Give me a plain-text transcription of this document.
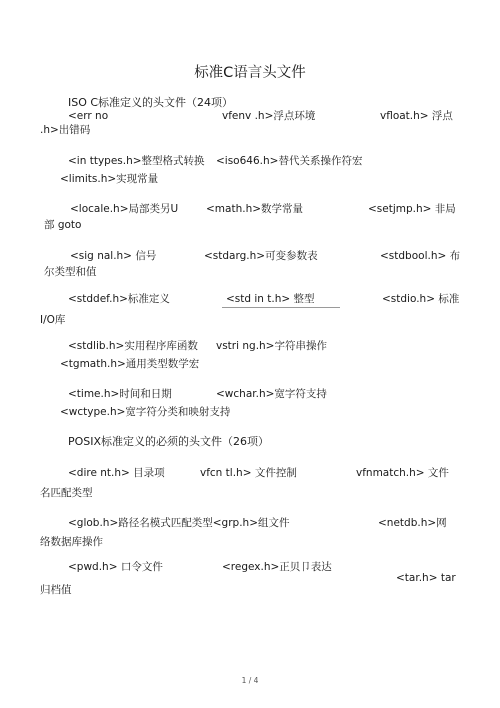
标准C语言头文件
ISO C标准定义的头文件（24项）
<err no	vfenv .h>浮点环境	vfloat.h> 浮点
.h>出错码
<in ttypes.h>整型格式转换 <iso646.h>替代关系操作符宏
<limits.h>实现常量
<locale.h>局部类另U	<math.h>数学常量	<setjmp.h> 非局
部 goto
<sig nal.h> 信号	<stdarg.h>可变参数表	<stdbool.h> 布
尔类型和值
<stddef.h>标准定义	<std in t.h> 整型	<stdio.h> 标准
I/O库
<stdlib.h>实用程序库函数 vstri ng.h>字符串操作
<tgmath.h>通用类型数学宏
<time.h>时间和日期	<wchar.h>宽字符支持
<wctype.h>宽字符分类和映射支持
POSIX标准定义的必须的头文件（26项）
<dire nt.h> 目录项	vfcn tl.h> 文件控制	vfnmatch.h> 文件
名匹配类型
<glob.h>路径名模式匹配类型<grp.h>组文件	<netdb.h>网
络数据库操作
<pwd.h> 口令文件	<regex.h>正贝卩表达
<tar.h> tar
归档值
1 / 4
